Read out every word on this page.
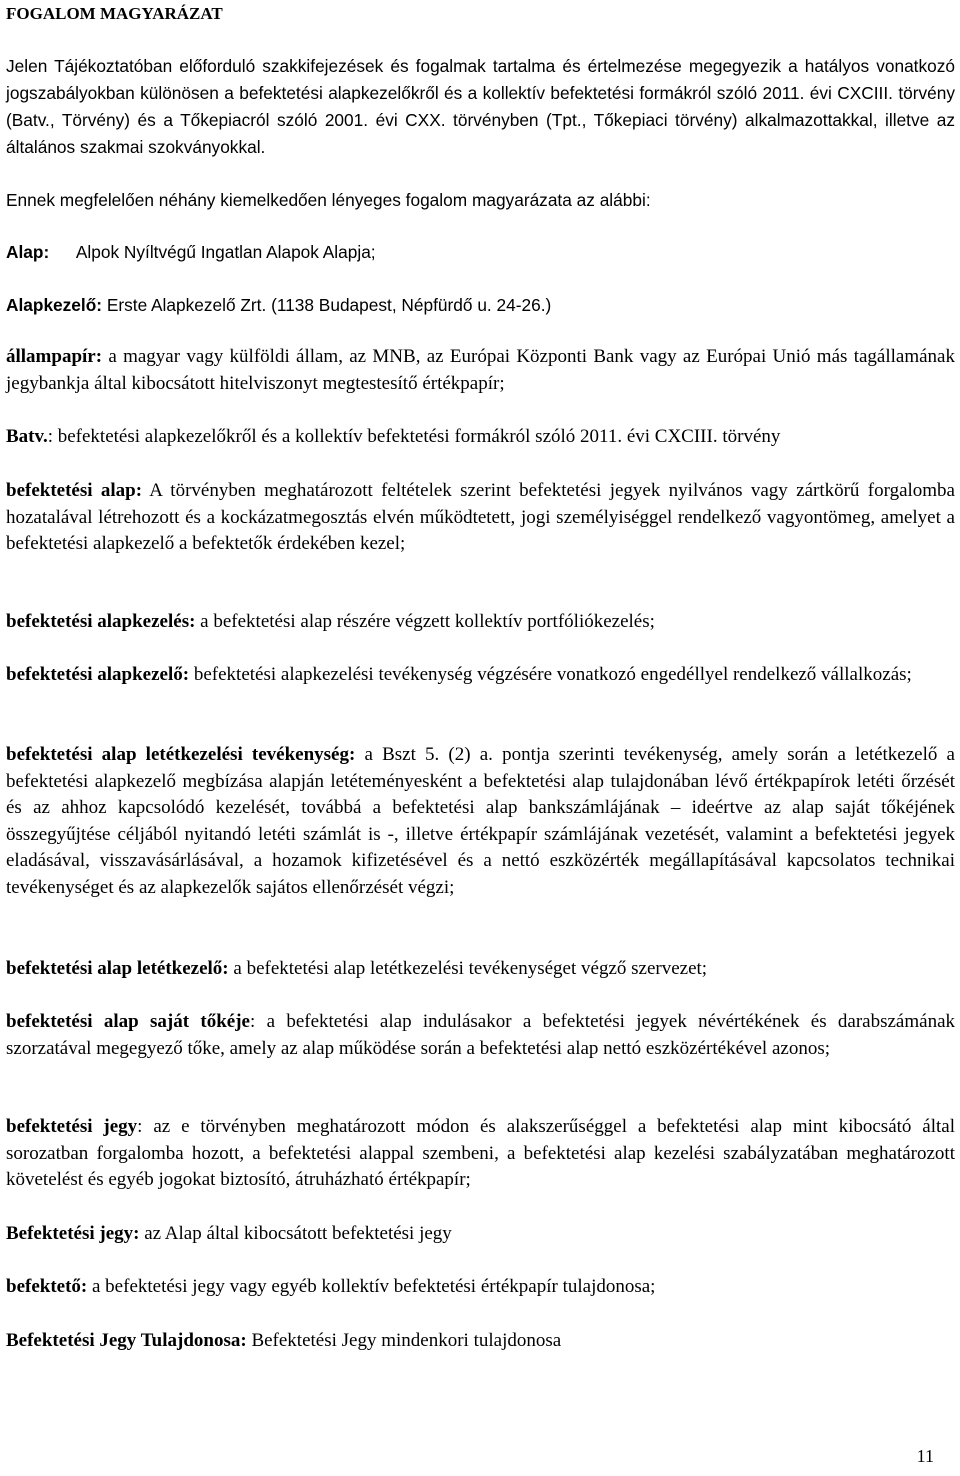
FOGALOM MAGYARÁZAT
Jelen Tájékoztatóban előforduló szakkifejezések és fogalmak tartalma és értelmezése megegyezik a hatályos vonatkozó jogszabályokban különösen a befektetési alapkezelőkről és a kollektív befektetési formákról szóló 2011. évi CXCIII. törvény (Batv., Törvény) és a Tőkepiacról szóló 2001. évi CXX. törvényben (Tpt., Tőkepiaci törvény) alkalmazottakkal, illetve az általános szakmai szokványokkal.
Ennek megfelelően néhány kiemelkedően lényeges fogalom magyarázata az alábbi:
Alap: Alpok Nyíltvégű Ingatlan Alapok Alapja;
Alapkezelő: Erste Alapkezelő Zrt. (1138 Budapest, Népfürdő u. 24-26.)

állampapír: a magyar vagy külföldi állam, az MNB, az Európai Központi Bank vagy az Európai Unió más tagállamának jegybankja által kibocsátott hitelviszonyt megtestesítő értékpapír;

Batv.: befektetési alapkezelőkről és a kollektív befektetési formákról szóló 2011. évi CXCIII. törvény

befektetési alap: A törvényben meghatározott feltételek szerint befektetési jegyek nyilvános vagy zártkörű forgalomba hozatalával létrehozott és a kockázatmegosztás elvén működtetett, jogi személyiséggel rendelkező vagyontömeg, amelyet a befektetési alapkezelő a befektetők érdekében kezel;

befektetési alapkezelés: a befektetési alap részére végzett kollektív portfóliókezelés;

befektetési alapkezelő: befektetési alapkezelési tevékenység végzésére vonatkozó engedéllyel rendelkező vállalkozás;

befektetési alap letétkezelési tevékenység: a Bszt 5. (2) a. pontja szerinti tevékenység, amely során a letétkezelő a befektetési alapkezelő megbízása alapján letéteményesként a befektetési alap tulajdonában lévő értékpapírok letéti őrzését és az ahhoz kapcsolódó kezelését, továbbá a befektetési alap bankszámlájának – ideértve az alap saját tőkéjének összegyűjtése céljából nyitandó letéti számlát is -, illetve értékpapír számlájának vezetését, valamint a befektetési jegyek eladásával, visszavásárlásával, a hozamok kifizetésével és a nettó eszközérték megállapításával kapcsolatos technikai tevékenységet és az alapkezelők sajátos ellenőrzését végzi;

befektetési alap letétkezelő: a befektetési alap letétkezelési tevékenységet végző szervezet;

befektetési alap saját tőkéje: a befektetési alap indulásakor a befektetési jegyek névértékének és darabszámának szorzatával megegyező tőke, amely az alap működése során a befektetési alap nettó eszközértékével azonos;

befektetési jegy: az e törvényben meghatározott módon és alakszerűséggel a befektetési alap mint kibocsátó által sorozatban forgalomba hozott, a befektetési alappal szembeni, a befektetési alap kezelési szabályzatában meghatározott követelést és egyéb jogokat biztosító, átruházható értékpapír;

Befektetési jegy: az Alap által kibocsátott befektetési jegy

befektető: a befektetési jegy vagy egyéb kollektív befektetési értékpapír tulajdonosa;

Befektetési Jegy Tulajdonosa: Befektetési Jegy mindenkori tulajdonosa

11
